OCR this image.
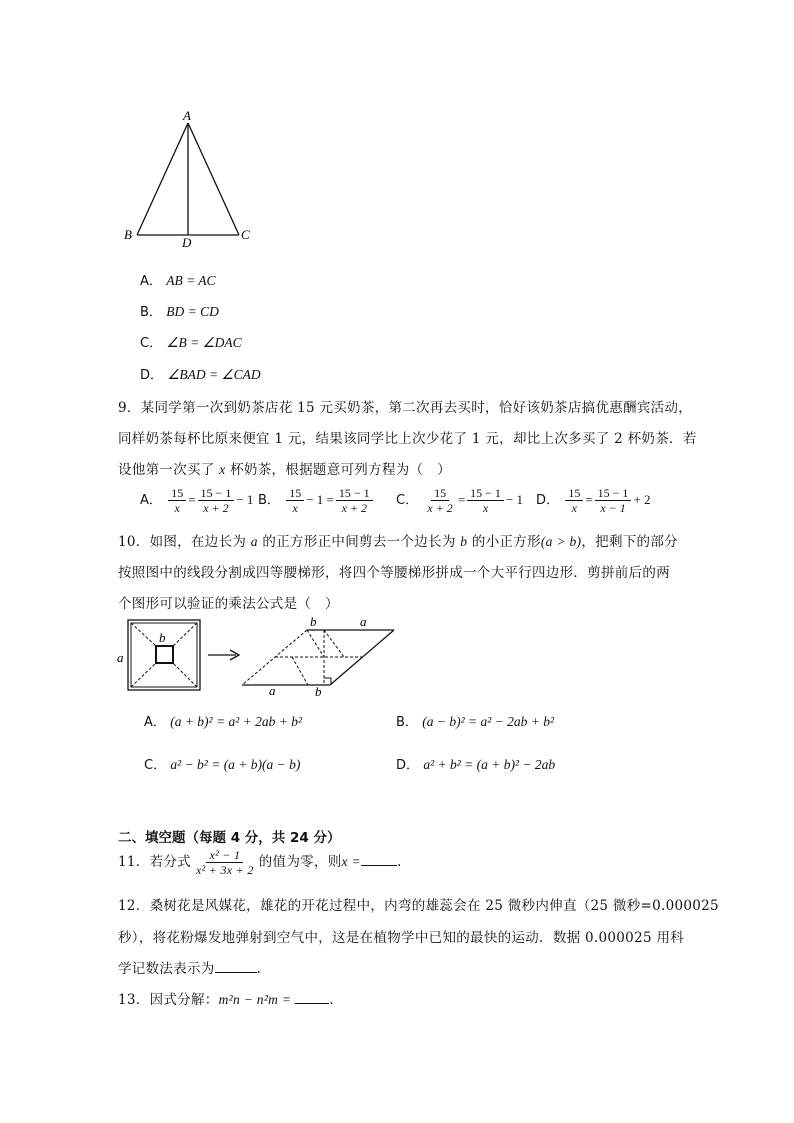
A
B	C
D
A． AB = AC
B． BD = CD
C． ∠B = ∠DAC
D． ∠BAD = ∠CAD
9．某同学第一次到奶茶店花 15 元买奶茶，第二次再去买时，恰好该奶茶店搞优惠酬宾活动，
同样奶茶每杯比原来便宜 1 元，结果该同学比上次少花了 1 元，却比上次多买了 2 杯奶茶．若
设他第一次买了 x 杯奶茶，根据题意可列方程为（　）
A． $\frac{15}{x} = \frac{15 - 1}{x + 2} - 1$ B． $\frac{15}{x} - 1 = \frac{15 - 1}{x + 2}$ C． $\frac{15}{x + 2} = \frac{15 - 1}{x} - 1$ D． $\frac{15}{x} = \frac{15 - 1}{x - 1} + 2$
10．如图，在边长为 a 的正方形正中间剪去一个边长为 b 的小正方形(a > b)，把剩下的部分
按照图中的线段分割成四等腰梯形，将四个等腰梯形拼成一个大平行四边形．剪拼前后的两
个图形可以验证的乘法公式是（　）
a
b
b	a
a	b
A． (a + b)² = a² + 2ab + b²	B． (a − b)² = a² − 2ab + b²
C． a² − b² = (a + b)(a − b)	D． a² + b² = (a + b)² − 2ab
二、填空题（每题 4 分，共 24 分）
11．若分式 $\frac{\text{x² − 1}}{\text{x² + 3x + 2}}$ 的值为零，则x =	.
12．桑树花是风媒花，雄花的开花过程中，内弯的雄蕊会在 25 微秒内伸直（25 微秒=0.000025
秒），将花粉爆发地弹射到空气中，这是在植物学中已知的最快的运动．数据 0.000025 用科
学记数法表示为	.
13．因式分解：m²n − n²m =	.
